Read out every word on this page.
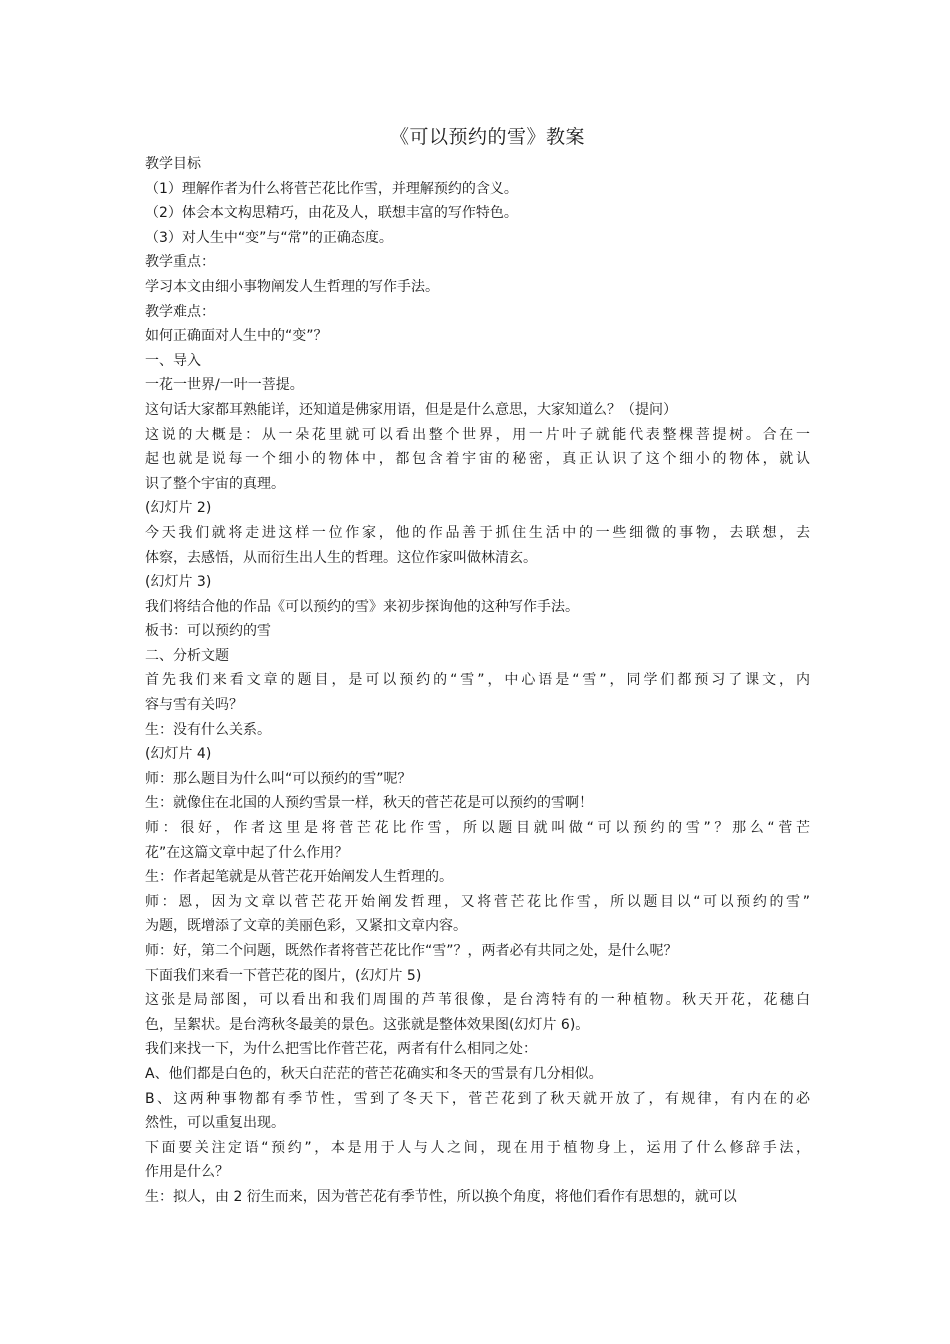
《可以预约的雪》教案
教学目标
（1）理解作者为什么将菅芒花比作雪，并理解预约的含义。
（2）体会本文构思精巧，由花及人，联想丰富的写作特色。
（3）对人生中“变”与“常”的正确态度。
教学重点：
学习本文由细小事物阐发人生哲理的写作手法。
教学难点：
如何正确面对人生中的“变”？
一、导入
一花一世界/一叶一菩提。
这句话大家都耳熟能详，还知道是佛家用语，但是是什么意思，大家知道么？（提问）
这说的大概是：从一朵花里就可以看出整个世界，用一片叶子就能代表整棵菩提树。合在一
起也就是说每一个细小的物体中，都包含着宇宙的秘密，真正认识了这个细小的物体，就认
识了整个宇宙的真理。
(幻灯片 2)
今天我们就将走进这样一位作家，他的作品善于抓住生活中的一些细微的事物，去联想，去
体察，去感悟，从而衍生出人生的哲理。这位作家叫做林清玄。
(幻灯片 3)
我们将结合他的作品《可以预约的雪》来初步探询他的这种写作手法。
板书：可以预约的雪
二、分析文题
首先我们来看文章的题目，是可以预约的“雪”，中心语是“雪”，同学们都预习了课文，内
容与雪有关吗？
生：没有什么关系。
(幻灯片 4)
师：那么题目为什么叫“可以预约的雪”呢？
生：就像住在北国的人预约雪景一样，秋天的菅芒花是可以预约的雪啊！
师：很好，作者这里是将菅芒花比作雪，所以题目就叫做“可以预约的雪”？那么“菅芒
花”在这篇文章中起了什么作用？
生：作者起笔就是从菅芒花开始阐发人生哲理的。
师：恩，因为文章以菅芒花开始阐发哲理，又将菅芒花比作雪，所以题目以“可以预约的雪”
为题，既增添了文章的美丽色彩，又紧扣文章内容。
师：好，第二个问题，既然作者将菅芒花比作“雪”？，两者必有共同之处，是什么呢？
下面我们来看一下菅芒花的图片，(幻灯片 5)
这张是局部图，可以看出和我们周围的芦苇很像，是台湾特有的一种植物。秋天开花，花穗白
色，呈絮状。是台湾秋冬最美的景色。这张就是整体效果图(幻灯片 6)。
我们来找一下，为什么把雪比作菅芒花，两者有什么相同之处：
A、他们都是白色的，秋天白茫茫的菅芒花确实和冬天的雪景有几分相似。
B、这两种事物都有季节性，雪到了冬天下，菅芒花到了秋天就开放了，有规律，有内在的必
然性，可以重复出现。
下面要关注定语“预约”，本是用于人与人之间，现在用于植物身上，运用了什么修辞手法，
作用是什么？
生：拟人，由 2 衍生而来，因为菅芒花有季节性，所以换个角度，将他们看作有思想的，就可以
